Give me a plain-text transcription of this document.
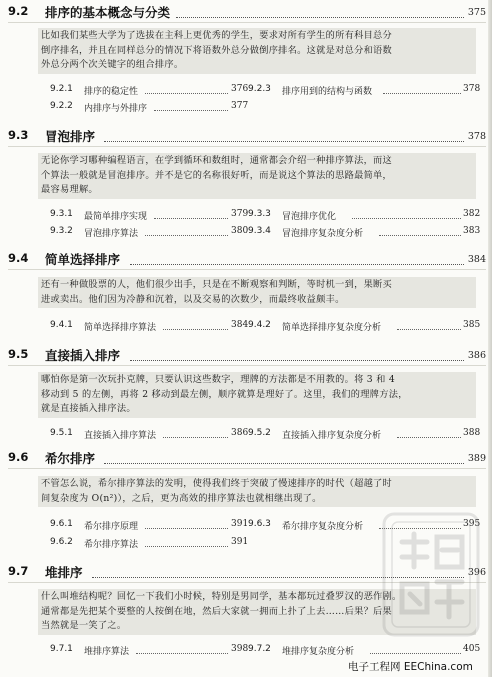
9.2 排序的基本概念与分类	375
比如我们某些大学为了选拔在主科上更优秀的学生，要求对所有学生的所有科目总分
倒序排名，并且在同样总分的情况下将语数外总分做倒序排名。这就是对总分和语数
外总分两个次关键字的组合排序。
9.2.1 排序的稳定性	376 9.2.3 排序用到的结构与函数	378
9.2.2 内排序与外排序	377
9.3 冒泡排序	378
无论你学习哪种编程语言，在学到循环和数组时，通常都会介绍一种排序算法，而这
个算法一般就是冒泡排序。并不是它的名称很好听，而是说这个算法的思路最简单，
最容易理解。
9.3.1 最简单排序实现	379 9.3.3 冒泡排序优化	382
9.3.2 冒泡排序算法	380 9.3.4 冒泡排序复杂度分析	383
9.4 简单选择排序	384
还有一种做股票的人，他们很少出手，只是在不断观察和判断，等时机一到，果断买
进或卖出。他们因为冷静和沉着，以及交易的次数少，而最终收益颇丰。
9.4.1 简单选择排序算法	384 9.4.2 简单选择排序复杂度分析	385
9.5 直接插入排序	386
哪怕你是第一次玩扑克牌，只要认识这些数字，理牌的方法都是不用教的。将 3 和 4
移动到 5 的左侧，再将 2 移动到最左侧，顺序就算是理好了。这里，我们的理牌方法，
就是直接插入排序法。
9.5.1 直接插入排序算法	386 9.5.2 直接插入排序复杂度分析	388
9.6 希尔排序	389
不管怎么说，希尔排序算法的发明，使得我们终于突破了慢速排序的时代（超越了时
间复杂度为 O(n²)），之后，更为高效的排序算法也就相继出现了。
9.6.1 希尔排序原理	391 9.6.3 希尔排序复杂度分析	395
9.6.2 希尔排序算法	391
9.7 堆排序	396
什么叫堆结构呢？回忆一下我们小时候，特别是男同学，基本都玩过叠罗汉的恶作剧。
通常都是先把某个要整的人按倒在地，然后大家就一拥而上扑了上去……后果？后果
当然就是一笑了之。
9.7.1 堆排序算法	398 9.7.2 堆排序复杂度分析	405
电子工程网 EEChina.com
